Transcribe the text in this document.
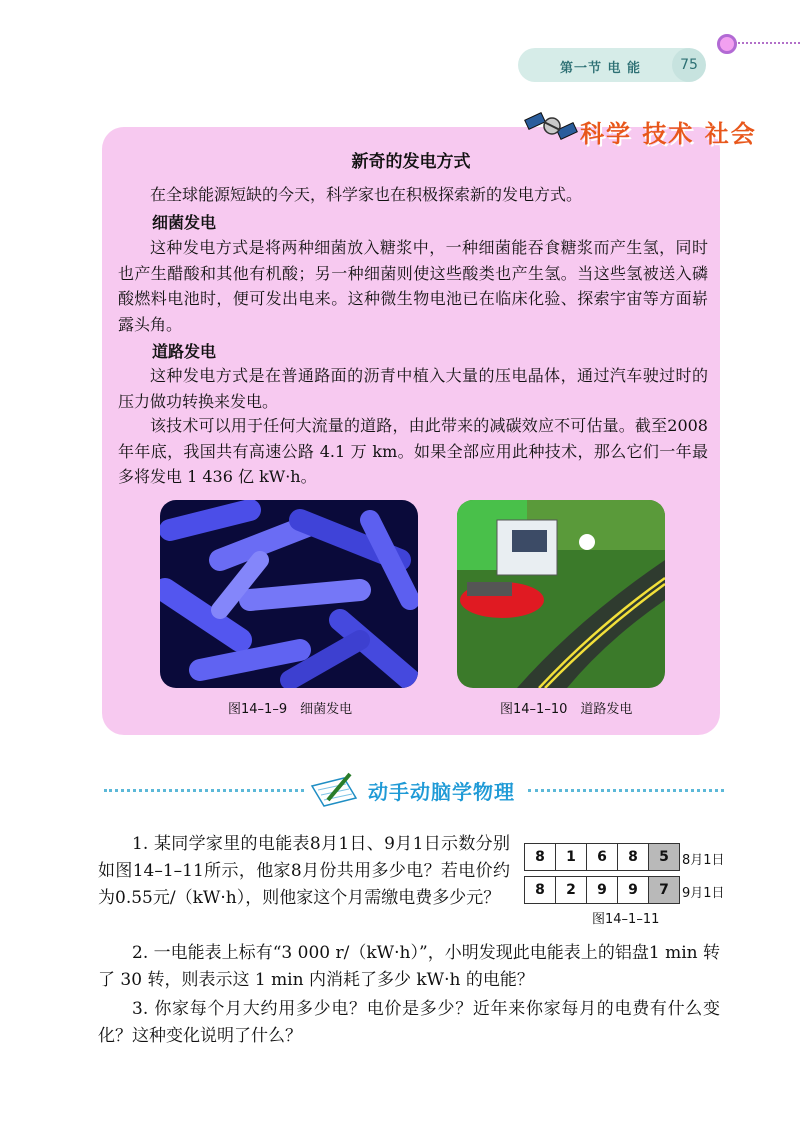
第一节 电 能	75
科学 技术 社会
新奇的发电方式
在全球能源短缺的今天，科学家也在积极探索新的发电方式。
细菌发电
这种发电方式是将两种细菌放入糖浆中，一种细菌能吞食糖浆而产生氢，同时也产生醋酸和其他有机酸；另一种细菌则使这些酸类也产生氢。当这些氢被送入磷酸燃料电池时，便可发出电来。这种微生物电池已在临床化验、探索宇宙等方面崭露头角。
道路发电
这种发电方式是在普通路面的沥青中植入大量的压电晶体，通过汽车驶过时的压力做功转换来发电。
该技术可以用于任何大流量的道路，由此带来的减碳效应不可估量。截至2008年年底，我国共有高速公路 4.1 万 km。如果全部应用此种技术，那么它们一年最多将发电 1 436 亿 kW·h。
图14–1–9　细菌发电	图14–1–10　道路发电
动手动脑学物理
1. 某同学家里的电能表8月1日、9月1日示数分别如图14–1–11所示，他家8月份共用多少电？若电价约为0.55元/（kW·h），则他家这个月需缴电费多少元？
8	1	6	8	5	8月1日
8	2	9	9	7	9月1日
图14–1–11
2. 一电能表上标有“3 000 r/（kW·h）”，小明发现此电能表上的铝盘1 min 转了 30 转，则表示这 1 min 内消耗了多少 kW·h 的电能？
3. 你家每个月大约用多少电？电价是多少？近年来你家每月的电费有什么变化？这种变化说明了什么？
